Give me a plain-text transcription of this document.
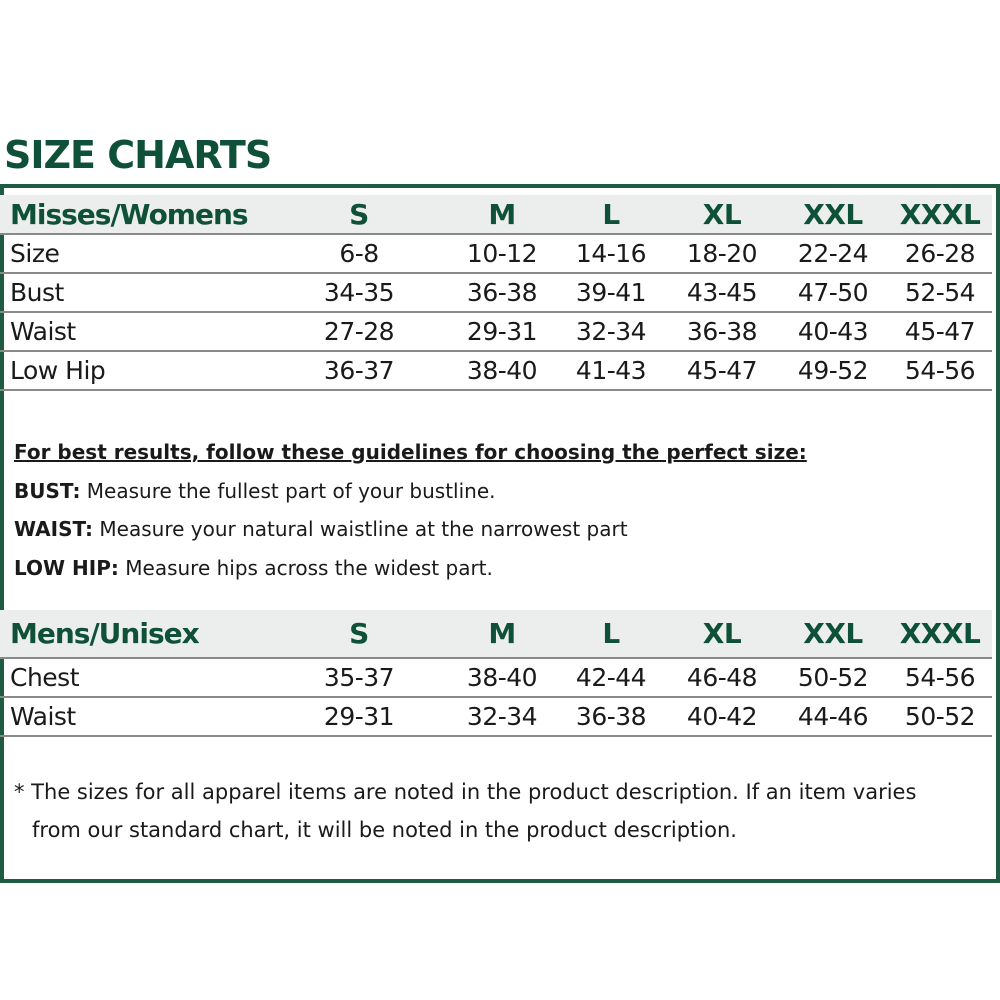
SIZE CHARTS
Misses/Womens	S	M	L	XL	XXL	XXXL
Size	6-8	10-12	14-16	18-20	22-24	26-28
Bust	34-35	36-38	39-41	43-45	47-50	52-54
Waist	27-28	29-31	32-34	36-38	40-43	45-47
Low Hip	36-37	38-40	41-43	45-47	49-52	54-56
For best results, follow these guidelines for choosing the perfect size:
BUST: Measure the fullest part of your bustline.
WAIST: Measure your natural waistline at the narrowest part
LOW HIP: Measure hips across the widest part.
Mens/Unisex	S	M	L	XL	XXL	XXXL
Chest	35-37	38-40	42-44	46-48	50-52	54-56
Waist	29-31	32-34	36-38	40-42	44-46	50-52
* The sizes for all apparel items are noted in the product description. If an item varies
from our standard chart, it will be noted in the product description.
